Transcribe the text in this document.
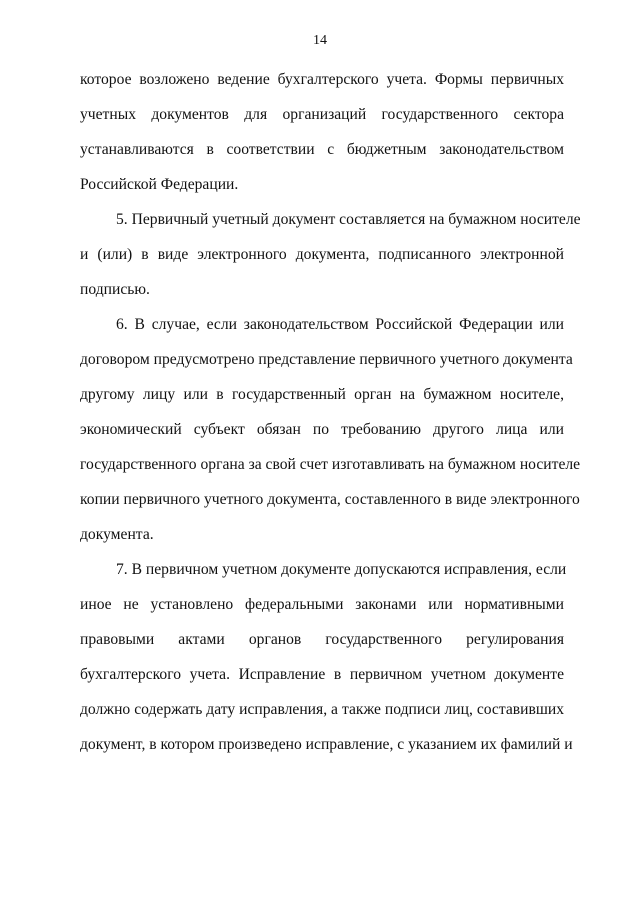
14
которое возложено ведение бухгалтерского учета. Формы первичных
учетных документов для организаций государственного сектора
устанавливаются в соответствии с бюджетным законодательством
Российской Федерации.
5. Первичный учетный документ составляется на бумажном носителе
и (или) в виде электронного документа, подписанного электронной
подписью.
6. В случае, если законодательством Российской Федерации или
договором предусмотрено представление первичного учетного документа
другому лицу или в государственный орган на бумажном носителе,
экономический субъект обязан по требованию другого лица или
государственного органа за свой счет изготавливать на бумажном носителе
копии первичного учетного документа, составленного в виде электронного
документа.
7. В первичном учетном документе допускаются исправления, если
иное не установлено федеральными законами или нормативными
правовыми актами органов государственного регулирования
бухгалтерского учета. Исправление в первичном учетном документе
должно содержать дату исправления, а также подписи лиц, составивших
документ, в котором произведено исправление, с указанием их фамилий и
